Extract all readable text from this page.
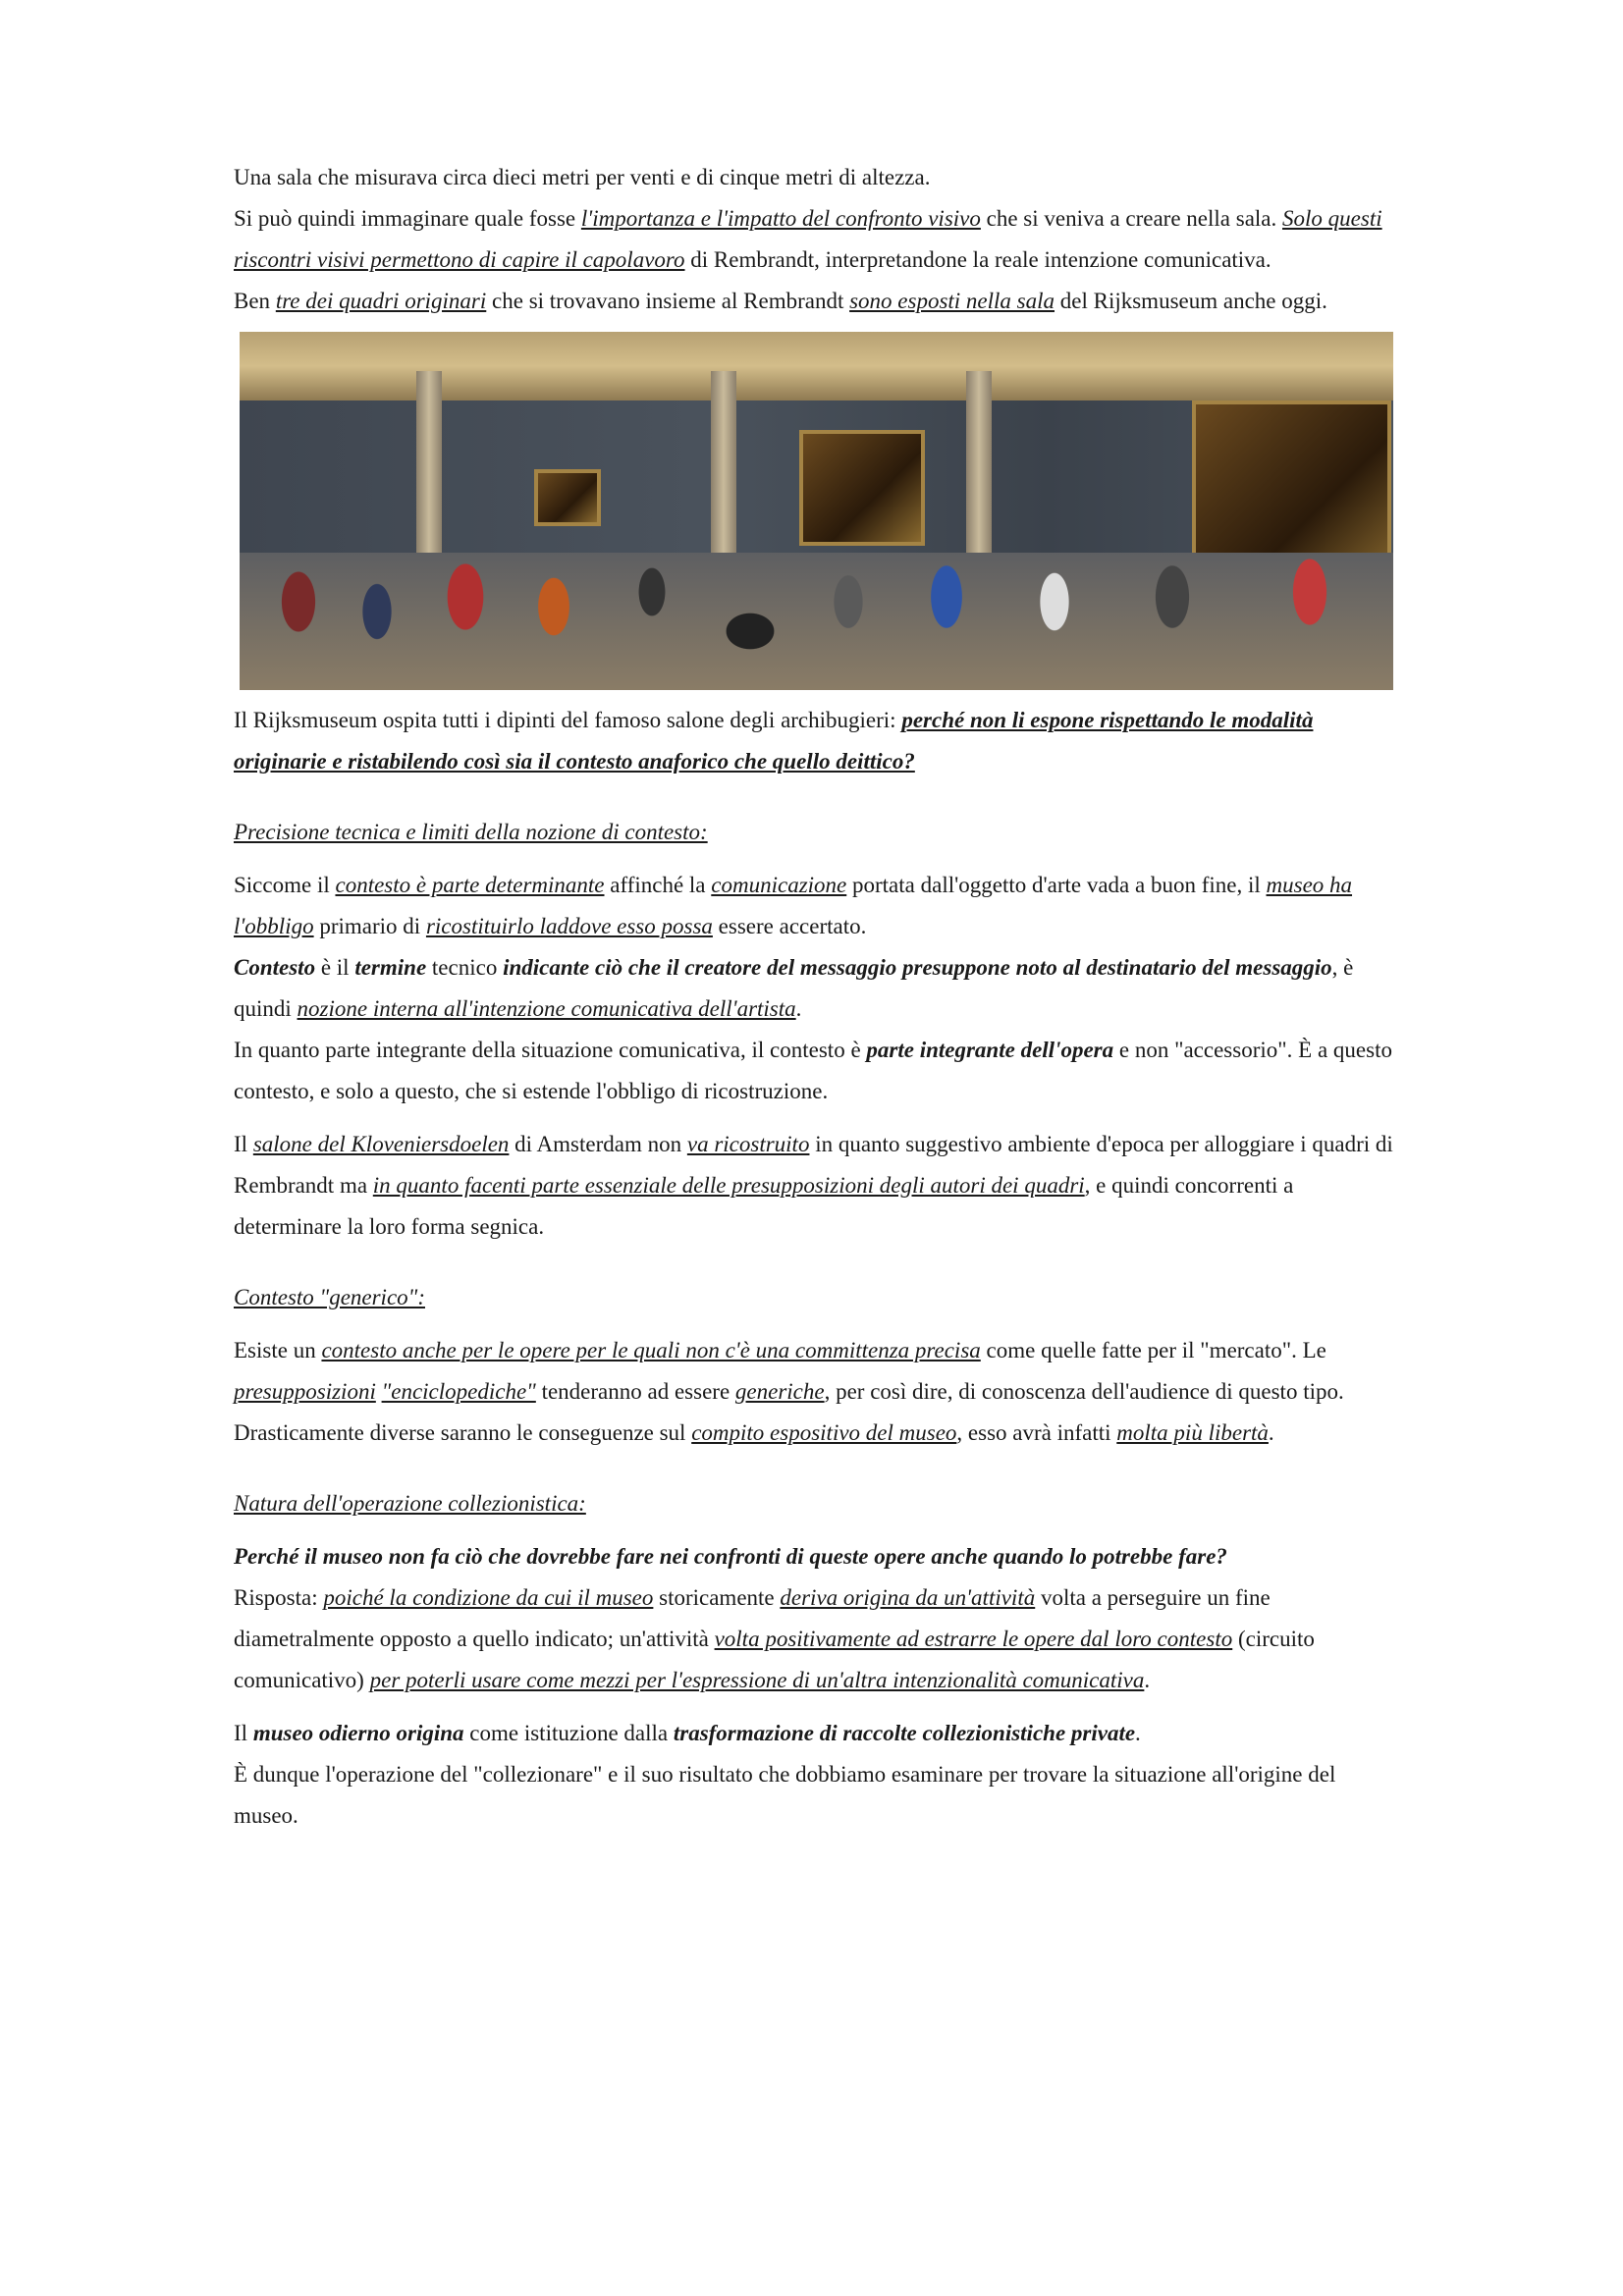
Una sala che misurava circa dieci metri per venti e di cinque metri di altezza.
Si può quindi immaginare quale fosse l'importanza e l'impatto del confronto visivo che si veniva a creare nella sala. Solo questi riscontri visivi permettono di capire il capolavoro di Rembrandt, interpretandone la reale intenzione comunicativa.
Ben tre dei quadri originari che si trovavano insieme al Rembrandt sono esposti nella sala del Rijksmuseum anche oggi.

Il Rijksmuseum ospita tutti i dipinti del famoso salone degli archibugieri: perché non li espone rispettando le modalità originarie e ristabilendo così sia il contesto anaforico che quello deittico?

Precisione tecnica e limiti della nozione di contesto:

Siccome il contesto è parte determinante affinché la comunicazione portata dall'oggetto d'arte vada a buon fine, il museo ha l'obbligo primario di ricostituirlo laddove esso possa essere accertato.
Contesto è il termine tecnico indicante ciò che il creatore del messaggio presuppone noto al destinatario del messaggio, è quindi nozione interna all'intenzione comunicativa dell'artista.
In quanto parte integrante della situazione comunicativa, il contesto è parte integrante dell'opera e non "accessorio". È a questo contesto, e solo a questo, che si estende l'obbligo di ricostruzione.

Il salone del Kloveniersdoelen di Amsterdam non va ricostruito in quanto suggestivo ambiente d'epoca per alloggiare i quadri di Rembrandt ma in quanto facenti parte essenziale delle presupposizioni degli autori dei quadri, e quindi concorrenti a determinare la loro forma segnica.

Contesto "generico":

Esiste un contesto anche per le opere per le quali non c'è una committenza precisa come quelle fatte per il "mercato". Le presupposizioni "enciclopediche" tenderanno ad essere generiche, per così dire, di conoscenza dell'audience di questo tipo.
Drasticamente diverse saranno le conseguenze sul compito espositivo del museo, esso avrà infatti molta più libertà.

Natura dell'operazione collezionistica:

Perché il museo non fa ciò che dovrebbe fare nei confronti di queste opere anche quando lo potrebbe fare?
Risposta: poiché la condizione da cui il museo storicamente deriva origina da un'attività volta a perseguire un fine diametralmente opposto a quello indicato; un'attività volta positivamente ad estrarre le opere dal loro contesto (circuito comunicativo) per poterli usare come mezzi per l'espressione di un'altra intenzionalità comunicativa.

Il museo odierno origina come istituzione dalla trasformazione di raccolte collezionistiche private.
È dunque l'operazione del "collezionare" e il suo risultato che dobbiamo esaminare per trovare la situazione all'origine del museo.
